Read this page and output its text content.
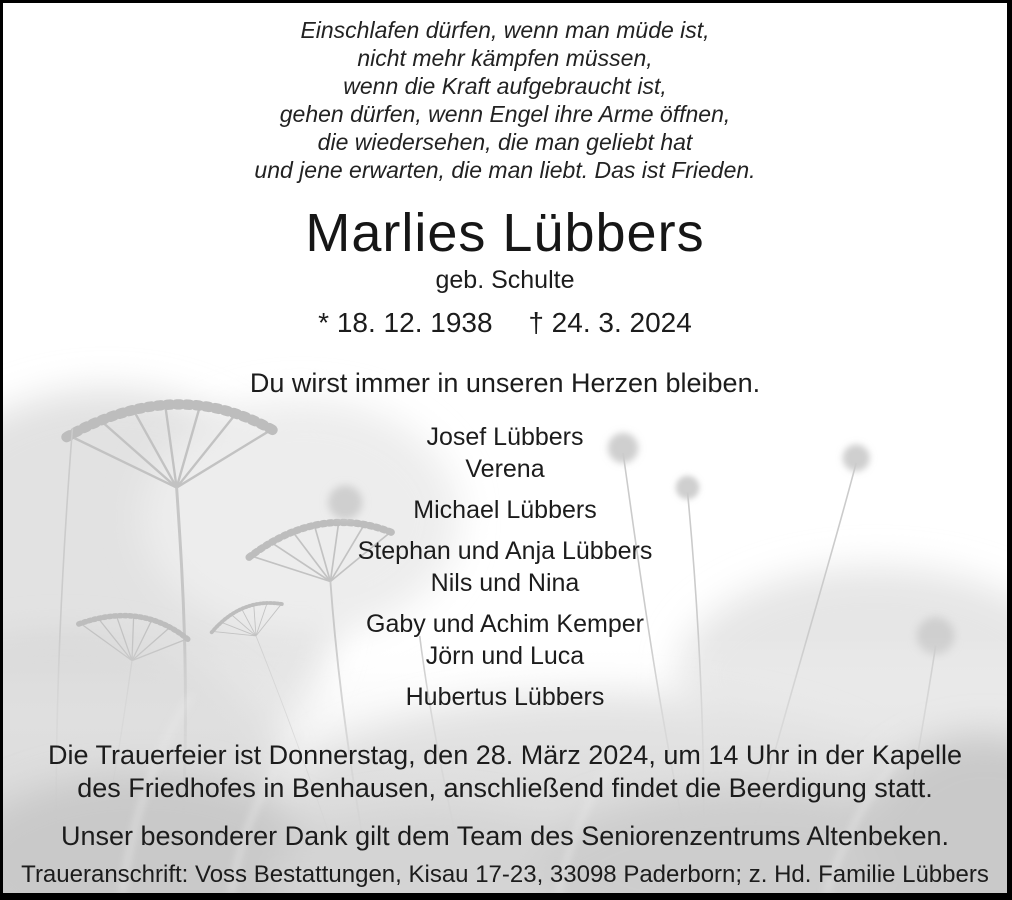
Einschlafen dürfen, wenn man müde ist,
nicht mehr kämpfen müssen,
wenn die Kraft aufgebraucht ist,
gehen dürfen, wenn Engel ihre Arme öffnen,
die wiedersehen, die man geliebt hat
und jene erwarten, die man liebt. Das ist Frieden.
Marlies Lübbers
geb. Schulte
* 18. 12. 1938 † 24. 3. 2024
Du wirst immer in unseren Herzen bleiben.
Josef Lübbers
Verena
Michael Lübbers
Stephan und Anja Lübbers
Nils und Nina
Gaby und Achim Kemper
Jörn und Luca
Hubertus Lübbers
Die Trauerfeier ist Donnerstag, den 28. März 2024, um 14 Uhr in der Kapelle
des Friedhofes in Benhausen, anschließend findet die Beerdigung statt.
Unser besonderer Dank gilt dem Team des Seniorenzentrums Altenbeken.
Traueranschrift: Voss Bestattungen, Kisau 17-23, 33098 Paderborn; z. Hd. Familie Lübbers
